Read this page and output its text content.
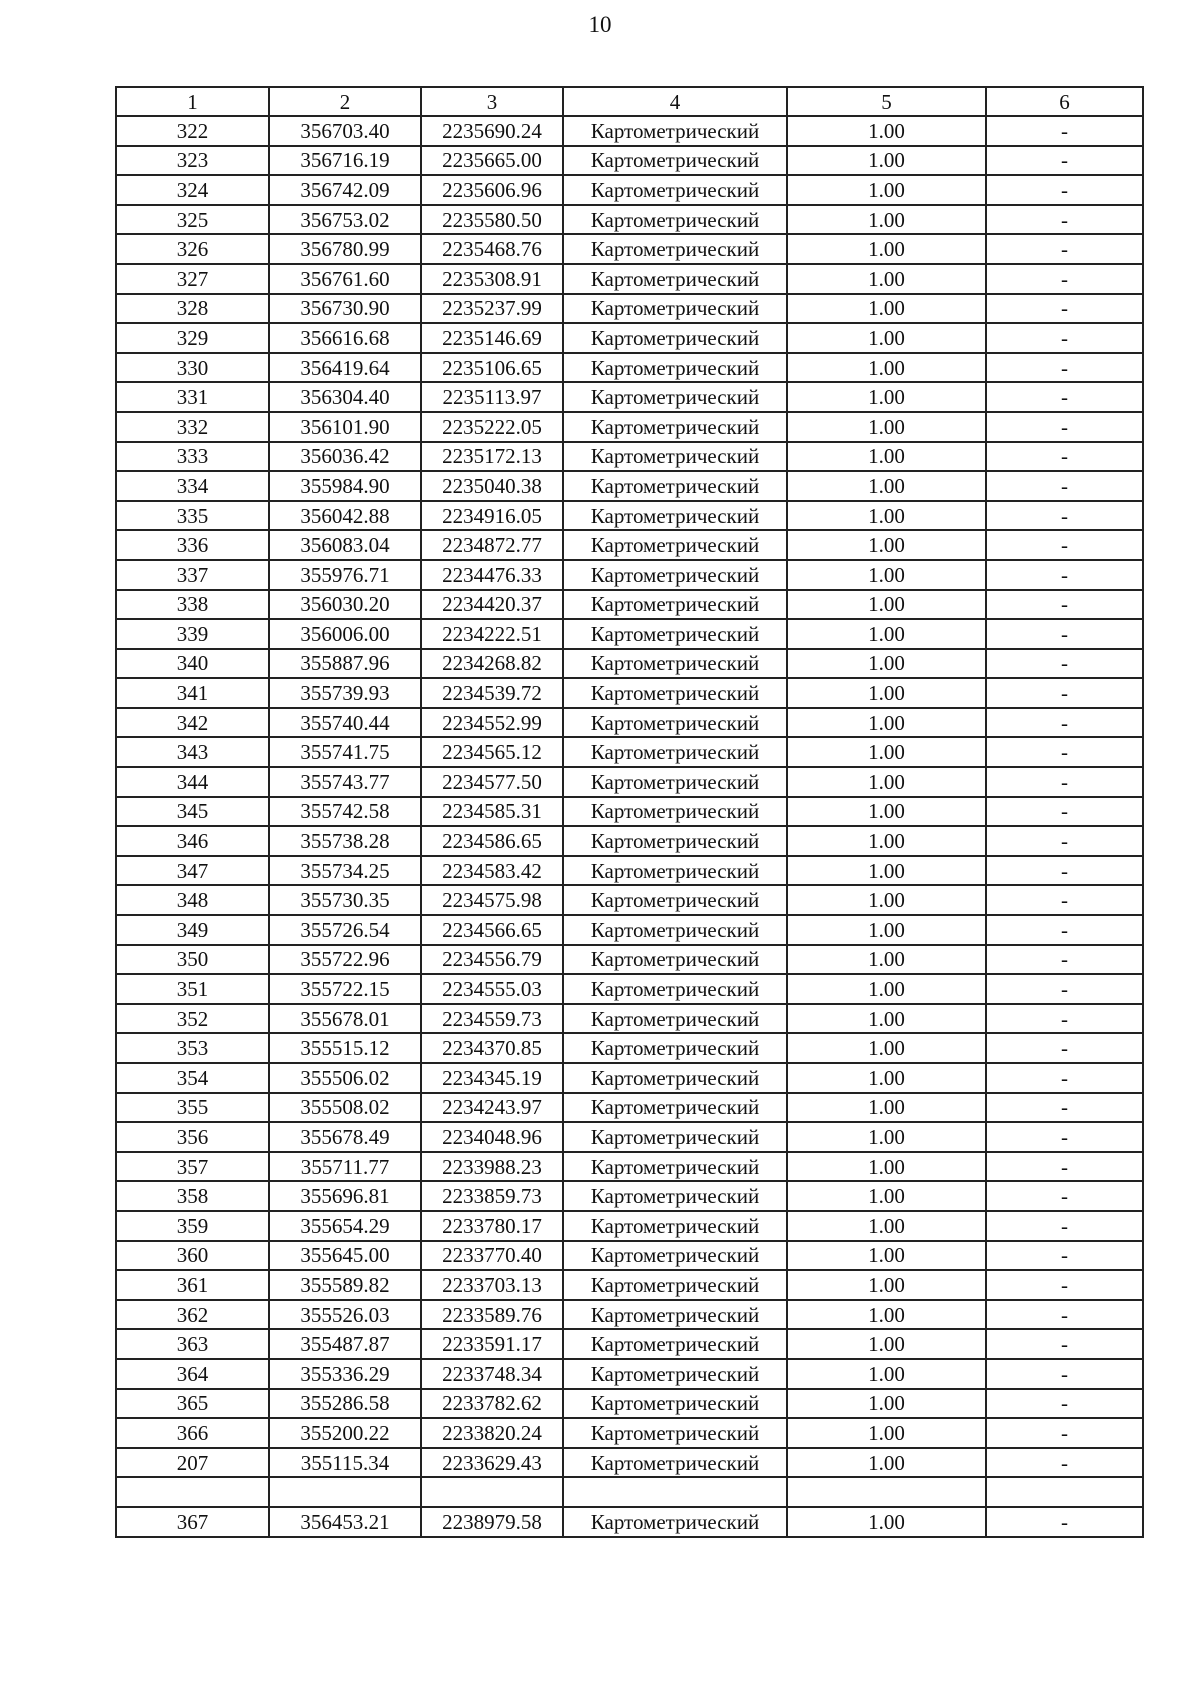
10
1	2	3	4	5	6
322	356703.40	2235690.24	Картометрический	1.00	-
323	356716.19	2235665.00	Картометрический	1.00	-
324	356742.09	2235606.96	Картометрический	1.00	-
325	356753.02	2235580.50	Картометрический	1.00	-
326	356780.99	2235468.76	Картометрический	1.00	-
327	356761.60	2235308.91	Картометрический	1.00	-
328	356730.90	2235237.99	Картометрический	1.00	-
329	356616.68	2235146.69	Картометрический	1.00	-
330	356419.64	2235106.65	Картометрический	1.00	-
331	356304.40	2235113.97	Картометрический	1.00	-
332	356101.90	2235222.05	Картометрический	1.00	-
333	356036.42	2235172.13	Картометрический	1.00	-
334	355984.90	2235040.38	Картометрический	1.00	-
335	356042.88	2234916.05	Картометрический	1.00	-
336	356083.04	2234872.77	Картометрический	1.00	-
337	355976.71	2234476.33	Картометрический	1.00	-
338	356030.20	2234420.37	Картометрический	1.00	-
339	356006.00	2234222.51	Картометрический	1.00	-
340	355887.96	2234268.82	Картометрический	1.00	-
341	355739.93	2234539.72	Картометрический	1.00	-
342	355740.44	2234552.99	Картометрический	1.00	-
343	355741.75	2234565.12	Картометрический	1.00	-
344	355743.77	2234577.50	Картометрический	1.00	-
345	355742.58	2234585.31	Картометрический	1.00	-
346	355738.28	2234586.65	Картометрический	1.00	-
347	355734.25	2234583.42	Картометрический	1.00	-
348	355730.35	2234575.98	Картометрический	1.00	-
349	355726.54	2234566.65	Картометрический	1.00	-
350	355722.96	2234556.79	Картометрический	1.00	-
351	355722.15	2234555.03	Картометрический	1.00	-
352	355678.01	2234559.73	Картометрический	1.00	-
353	355515.12	2234370.85	Картометрический	1.00	-
354	355506.02	2234345.19	Картометрический	1.00	-
355	355508.02	2234243.97	Картометрический	1.00	-
356	355678.49	2234048.96	Картометрический	1.00	-
357	355711.77	2233988.23	Картометрический	1.00	-
358	355696.81	2233859.73	Картометрический	1.00	-
359	355654.29	2233780.17	Картометрический	1.00	-
360	355645.00	2233770.40	Картометрический	1.00	-
361	355589.82	2233703.13	Картометрический	1.00	-
362	355526.03	2233589.76	Картометрический	1.00	-
363	355487.87	2233591.17	Картометрический	1.00	-
364	355336.29	2233748.34	Картометрический	1.00	-
365	355286.58	2233782.62	Картометрический	1.00	-
366	355200.22	2233820.24	Картометрический	1.00	-
207	355115.34	2233629.43	Картометрический	1.00	-

367	356453.21	2238979.58	Картометрический	1.00	-
